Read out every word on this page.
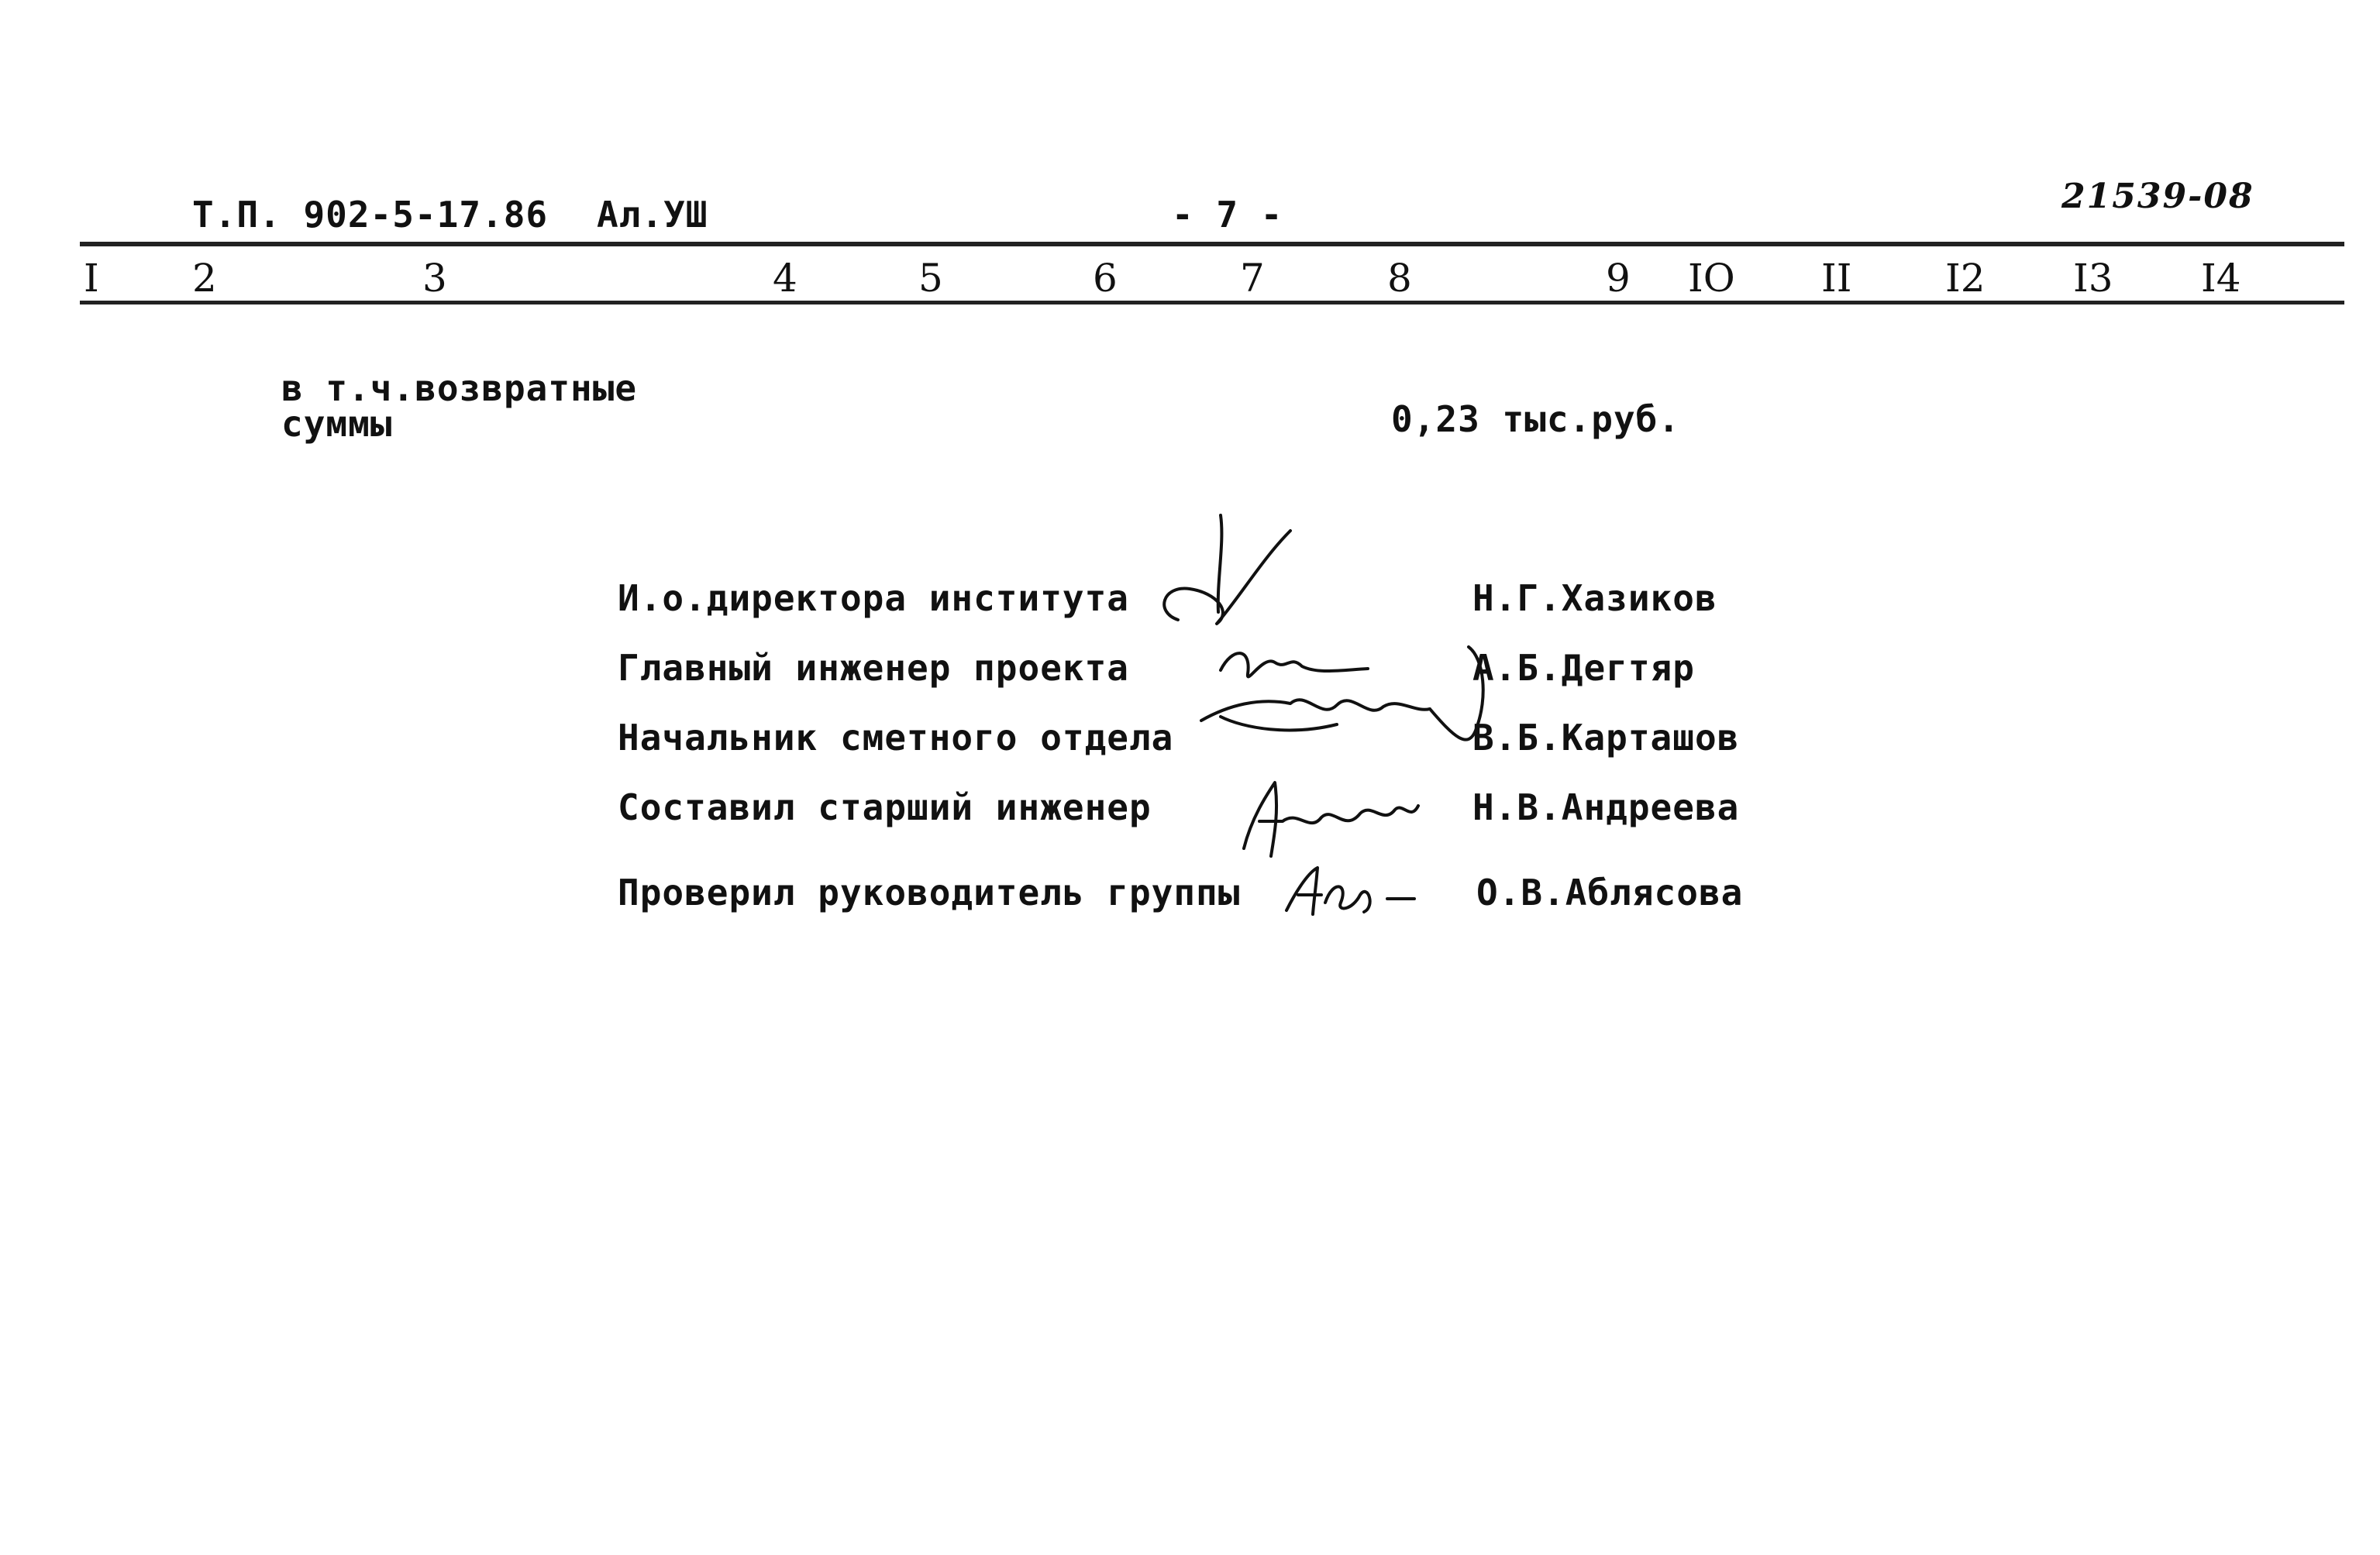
Т.П. 902-5-17.86 Ал.УШ	- 7 -	21539-08
I 2	3	4	5	6	7	8	9 IO II I2 I3 I4
в т.ч.возвратные
суммы	0,23 тыс.руб.
И.о.директора института	Н.Г.Хазиков
Главный инженер проекта	А.Б.Дегтяр
Начальник сметного отдела	В.Б.Карташов
Составил старший инженер	Н.В.Андреева
Проверил руководитель группы	О.В.Аблясова
